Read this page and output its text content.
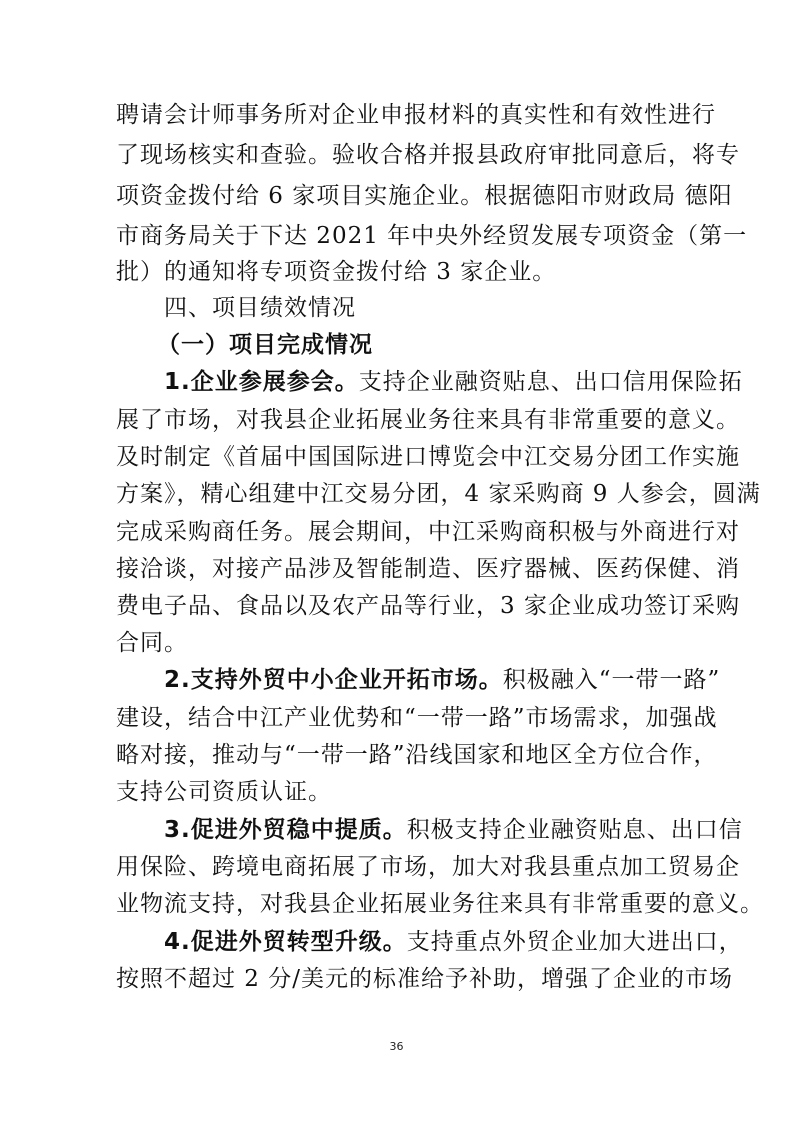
聘请会计师事务所对企业申报材料的真实性和有效性进行
了现场核实和查验。验收合格并报县政府审批同意后，将专
项资金拨付给 6 家项目实施企业。根据德阳市财政局 德阳
市商务局关于下达 2021 年中央外经贸发展专项资金（第一
批）的通知将专项资金拨付给 3 家企业。
四、项目绩效情况
（一）项目完成情况
1.企业参展参会。支持企业融资贴息、出口信用保险拓
展了市场，对我县企业拓展业务往来具有非常重要的意义。
及时制定《首届中国国际进口博览会中江交易分团工作实施
方案》，精心组建中江交易分团，4 家采购商 9 人参会，圆满
完成采购商任务。展会期间，中江采购商积极与外商进行对
接洽谈，对接产品涉及智能制造、医疗器械、医药保健、消
费电子品、食品以及农产品等行业，3 家企业成功签订采购
合同。
2.支持外贸中小企业开拓市场。积极融入“一带一路”
建设，结合中江产业优势和“一带一路”市场需求，加强战
略对接，推动与“一带一路”沿线国家和地区全方位合作，
支持公司资质认证。
3.促进外贸稳中提质。积极支持企业融资贴息、出口信
用保险、跨境电商拓展了市场，加大对我县重点加工贸易企
业物流支持，对我县企业拓展业务往来具有非常重要的意义。
4.促进外贸转型升级。支持重点外贸企业加大进出口，
按照不超过 2 分/美元的标准给予补助，增强了企业的市场
36
